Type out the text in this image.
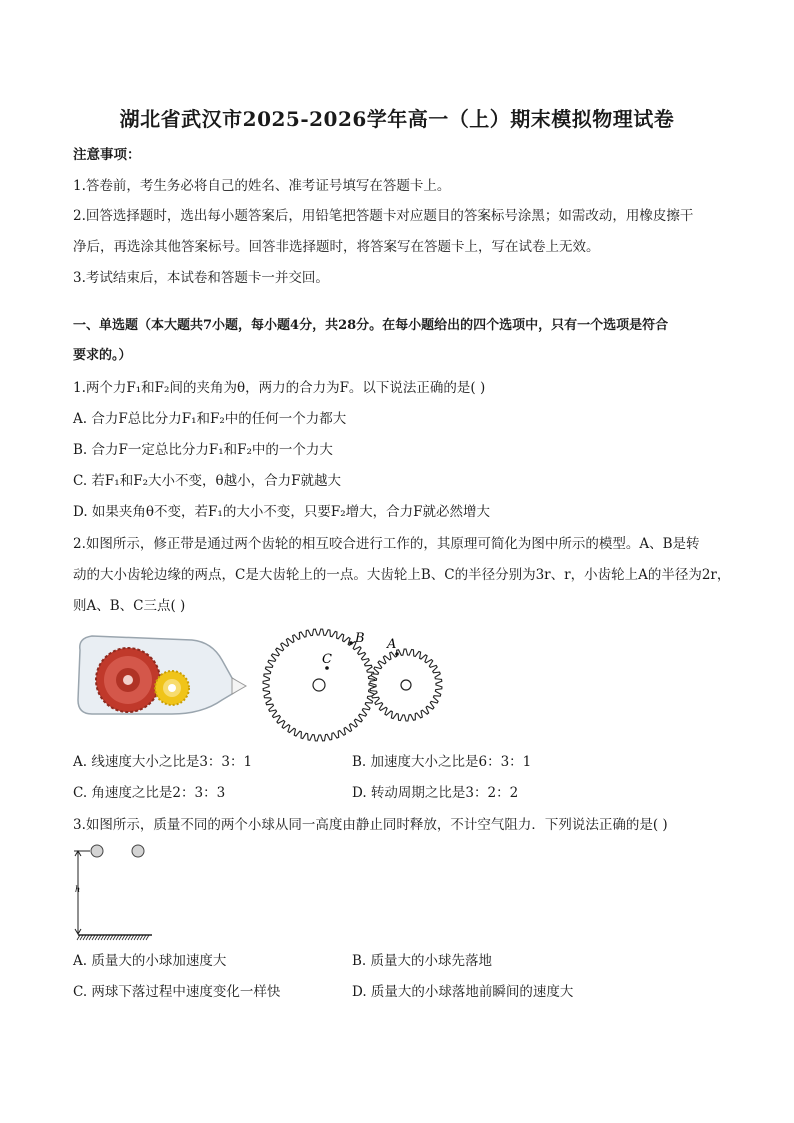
湖北省武汉市2025-2026学年高一（上）期末模拟物理试卷
注意事项：
1.答卷前，考生务必将自己的姓名、准考证号填写在答题卡上。
2.回答选择题时，选出每小题答案后，用铅笔把答题卡对应题目的答案标号涂黑；如需改动，用橡皮擦干
净后，再选涂其他答案标号。回答非选择题时，将答案写在答题卡上，写在试卷上无效。
3.考试结束后，本试卷和答题卡一并交回。
一、单选题（本大题共7小题，每小题4分，共28分。在每小题给出的四个选项中，只有一个选项是符合
要求的。）
1.两个力F₁和F₂间的夹角为θ，两力的合力为F。以下说法正确的是( )
A. 合力F总比分力F₁和F₂中的任何一个力都大
B. 合力F一定总比分力F₁和F₂中的一个力大
C. 若F₁和F₂大小不变，θ越小，合力F就越大
D. 如果夹角θ不变，若F₁的大小不变，只要F₂增大，合力F就必然增大
2.如图所示，修正带是通过两个齿轮的相互咬合进行工作的，其原理可简化为图中所示的模型。A、B是转
动的大小齿轮边缘的两点，C是大齿轮上的一点。大齿轮上B、C的半径分别为3r、r，小齿轮上A的半径为2r，
则A、B、C三点( )
C
B A
A. 线速度大小之比是3：3：1	B. 加速度大小之比是6：3：1
C. 角速度之比是2：3：3	D. 转动周期之比是3：2：2
3.如图所示，质量不同的两个小球从同一高度由静止同时释放，不计空气阻力．下列说法正确的是( )
h
A. 质量大的小球加速度大	B. 质量大的小球先落地
C. 两球下落过程中速度变化一样快	D. 质量大的小球落地前瞬间的速度大
